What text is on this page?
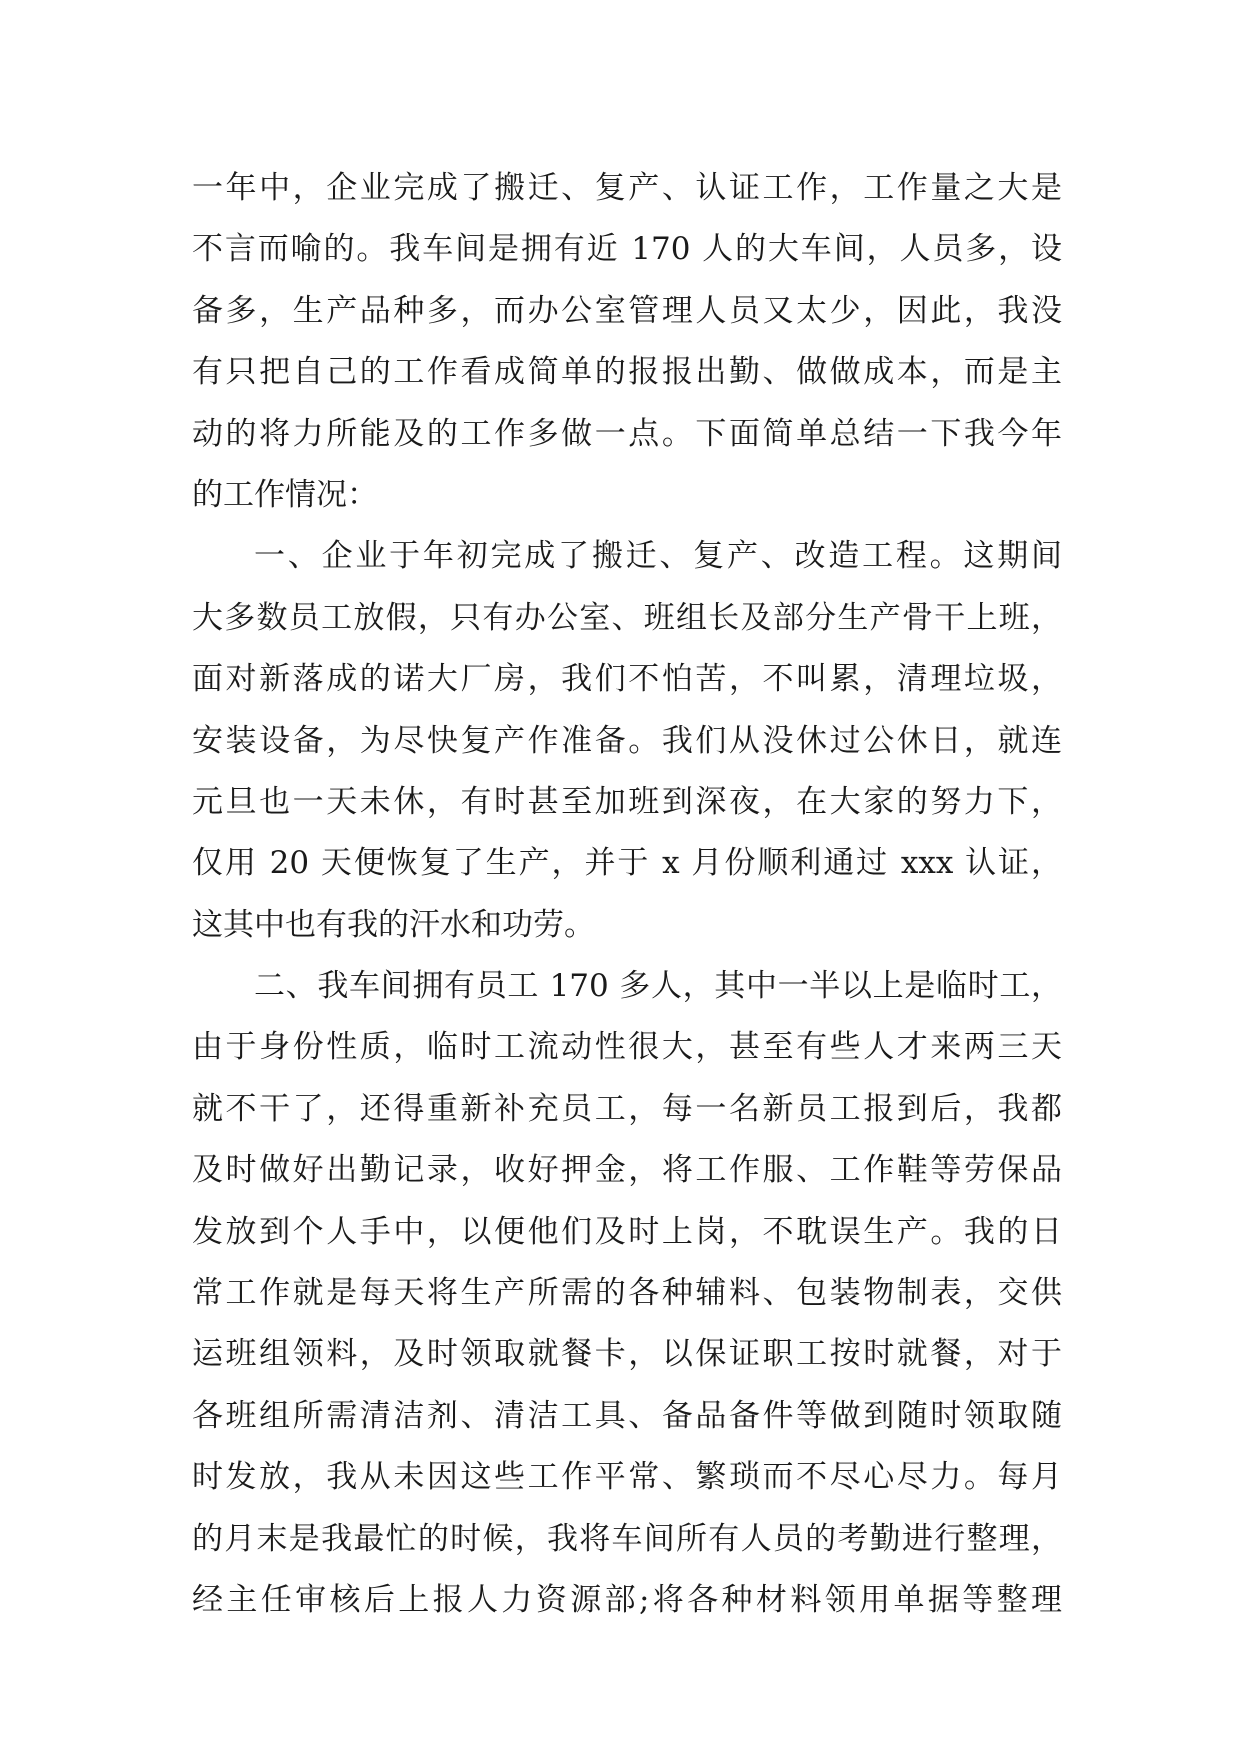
一年中，企业完成了搬迁、复产、认证工作，工作量之大是
不言而喻的。我车间是拥有近 170 人的大车间，人员多，设
备多，生产品种多，而办公室管理人员又太少，因此，我没
有只把自己的工作看成简单的报报出勤、做做成本，而是主
动的将力所能及的工作多做一点。下面简单总结一下我今年
的工作情况：
一、企业于年初完成了搬迁、复产、改造工程。这期间
大多数员工放假，只有办公室、班组长及部分生产骨干上班，
面对新落成的诺大厂房，我们不怕苦，不叫累，清理垃圾，
安装设备，为尽快复产作准备。我们从没休过公休日，就连
元旦也一天未休，有时甚至加班到深夜，在大家的努力下，
仅用 20 天便恢复了生产，并于 x 月份顺利通过 xxx 认证，
这其中也有我的汗水和功劳。
二、我车间拥有员工 170 多人，其中一半以上是临时工，
由于身份性质，临时工流动性很大，甚至有些人才来两三天
就不干了，还得重新补充员工，每一名新员工报到后，我都
及时做好出勤记录，收好押金，将工作服、工作鞋等劳保品
发放到个人手中，以便他们及时上岗，不耽误生产。我的日
常工作就是每天将生产所需的各种辅料、包装物制表，交供
运班组领料，及时领取就餐卡，以保证职工按时就餐，对于
各班组所需清洁剂、清洁工具、备品备件等做到随时领取随
时发放，我从未因这些工作平常、繁琐而不尽心尽力。每月
的月末是我最忙的时候，我将车间所有人员的考勤进行整理，
经主任审核后上报人力资源部;将各种材料领用单据等整理
